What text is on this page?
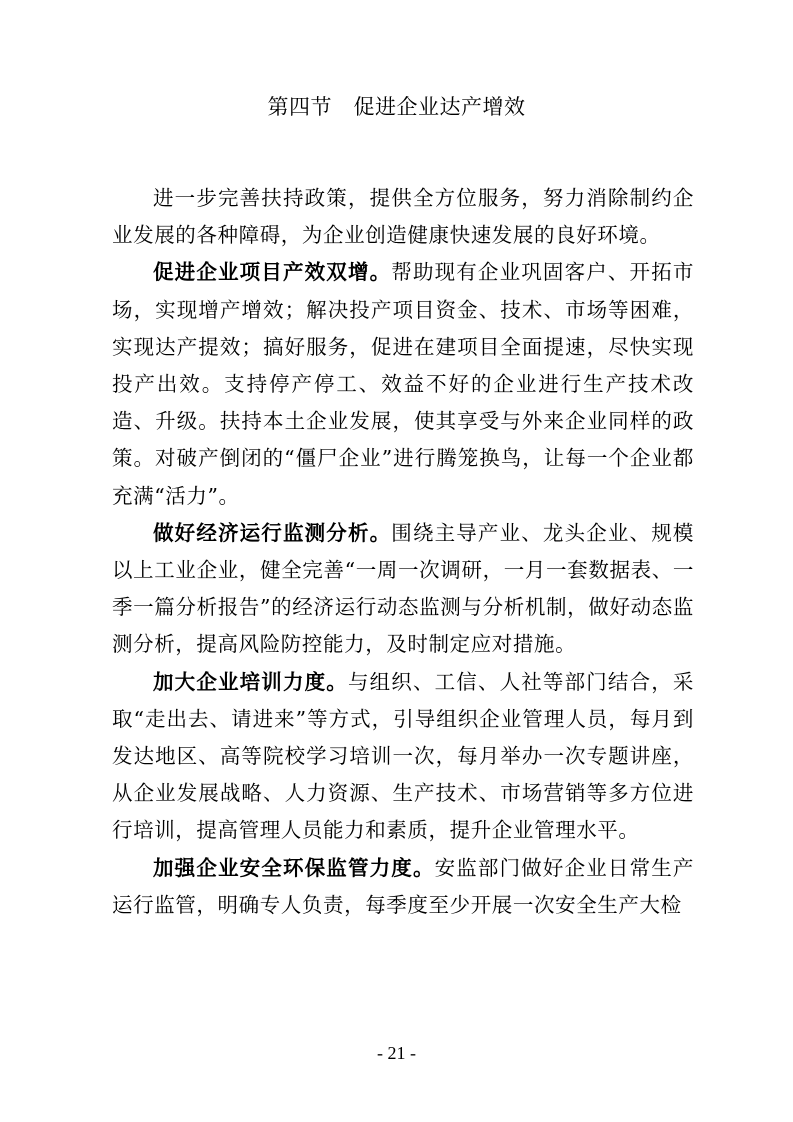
第四节　促进企业达产增效

进一步完善扶持政策，提供全方位服务，努力消除制约企业发展的各种障碍，为企业创造健康快速发展的良好环境。

促进企业项目产效双增。帮助现有企业巩固客户、开拓市场，实现增产增效；解决投产项目资金、技术、市场等困难，实现达产提效；搞好服务，促进在建项目全面提速，尽快实现投产出效。支持停产停工、效益不好的企业进行生产技术改造、升级。扶持本土企业发展，使其享受与外来企业同样的政策。对破产倒闭的“僵尸企业”进行腾笼换鸟，让每一个企业都充满“活力”。

做好经济运行监测分析。围绕主导产业、龙头企业、规模以上工业企业，健全完善“一周一次调研，一月一套数据表、一季一篇分析报告”的经济运行动态监测与分析机制，做好动态监测分析，提高风险防控能力，及时制定应对措施。

加大企业培训力度。与组织、工信、人社等部门结合，采取“走出去、请进来”等方式，引导组织企业管理人员，每月到发达地区、高等院校学习培训一次，每月举办一次专题讲座，从企业发展战略、人力资源、生产技术、市场营销等多方位进行培训，提高管理人员能力和素质，提升企业管理水平。

加强企业安全环保监管力度。安监部门做好企业日常生产运行监管，明确专人负责，每季度至少开展一次安全生产大检

- 21 -
